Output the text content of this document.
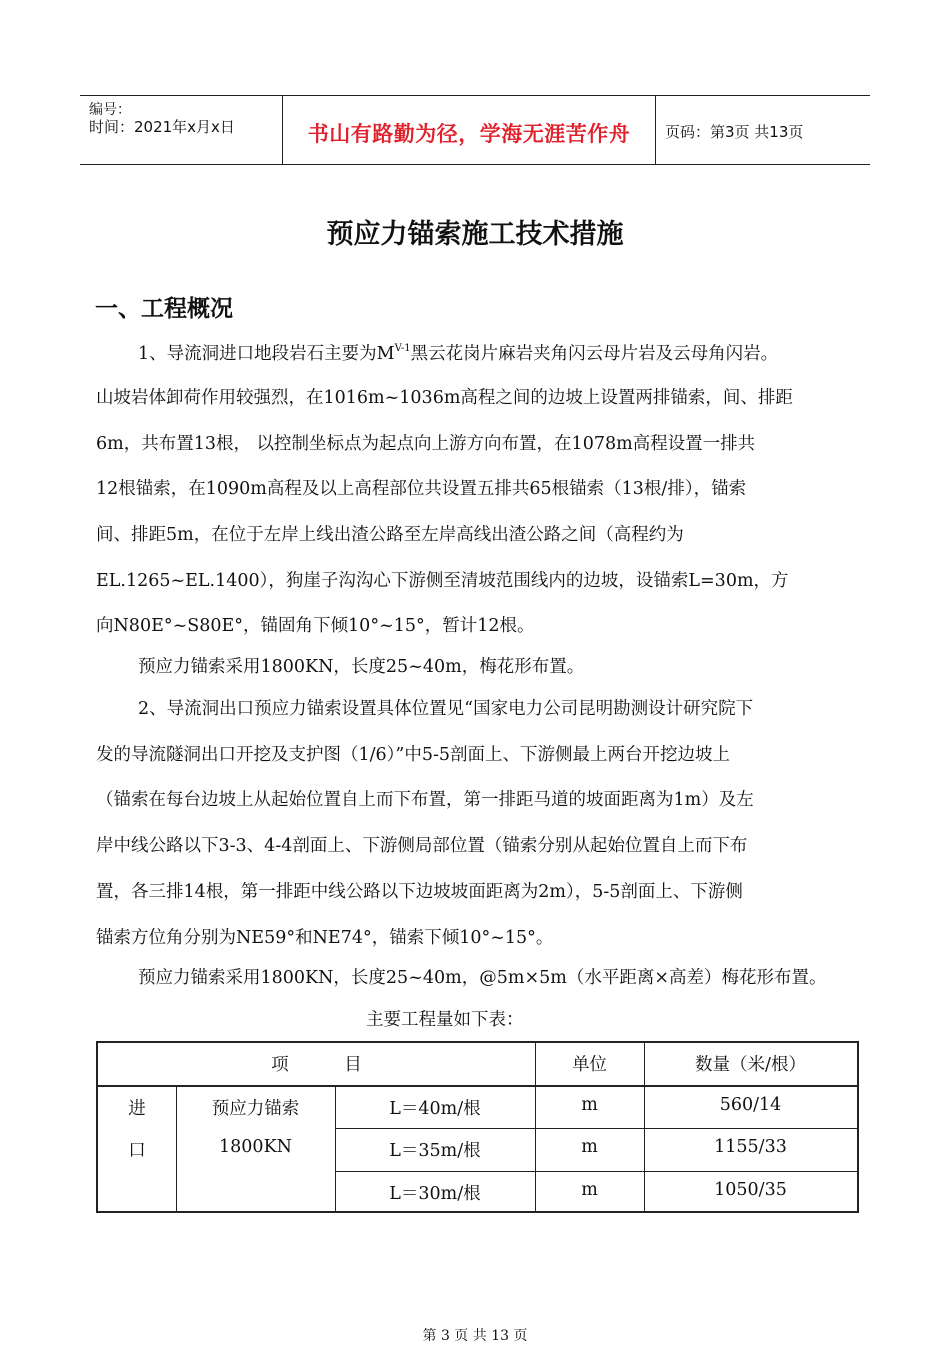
编号：
时间：2021年x月x日	书山有路勤为径，学海无涯苦作舟	页码：第3页 共13页
预应力锚索施工技术措施
一、工程概况
1、导流洞进口地段岩石主要为$M^{V-1}$黑云花岗片麻岩夹角闪云母片岩及云母角闪岩。
山坡岩体卸荷作用较强烈，在1016m~1036m高程之间的边坡上设置两排锚索，间、排距
6m，共布置13根， 以控制坐标点为起点向上游方向布置，在1078m高程设置一排共
12根锚索，在1090m高程及以上高程部位共设置五排共65根锚索（13根/排），锚索
间、排距5m，在位于左岸上线出渣公路至左岸高线出渣公路之间（高程约为
EL.1265~EL.1400），狗崖子沟沟心下游侧至清坡范围线内的边坡，设锚索L=30m，方
向N80E°~S80E°，锚固角下倾10°~15°，暂计12根。
预应力锚索采用1800KN，长度25~40m，梅花形布置。
2、导流洞出口预应力锚索设置具体位置见“国家电力公司昆明勘测设计研究院下
发的导流隧洞出口开挖及支护图（1/6）”中5-5剖面上、下游侧最上两台开挖边坡上
（锚索在每台边坡上从起始位置自上而下布置，第一排距马道的坡面距离为1m）及左
岸中线公路以下3-3、4-4剖面上、下游侧局部位置（锚索分别从起始位置自上而下布
置，各三排14根，第一排距中线公路以下边坡坡面距离为2m），5-5剖面上、下游侧
锚索方位角分别为NE59°和NE74°，锚索下倾10°~15°。
预应力锚索采用1800KN，长度25~40m，@5m×5m（水平距离×高差）梅花形布置。
主要工程量如下表：
项          目	单位	数量（米/根）
进
口
预应力锚索
1800KN
L＝40m/根	m	560/14
L＝35m/根	m	1155/33
L＝30m/根	m	1050/35
第 3 页 共 13 页
